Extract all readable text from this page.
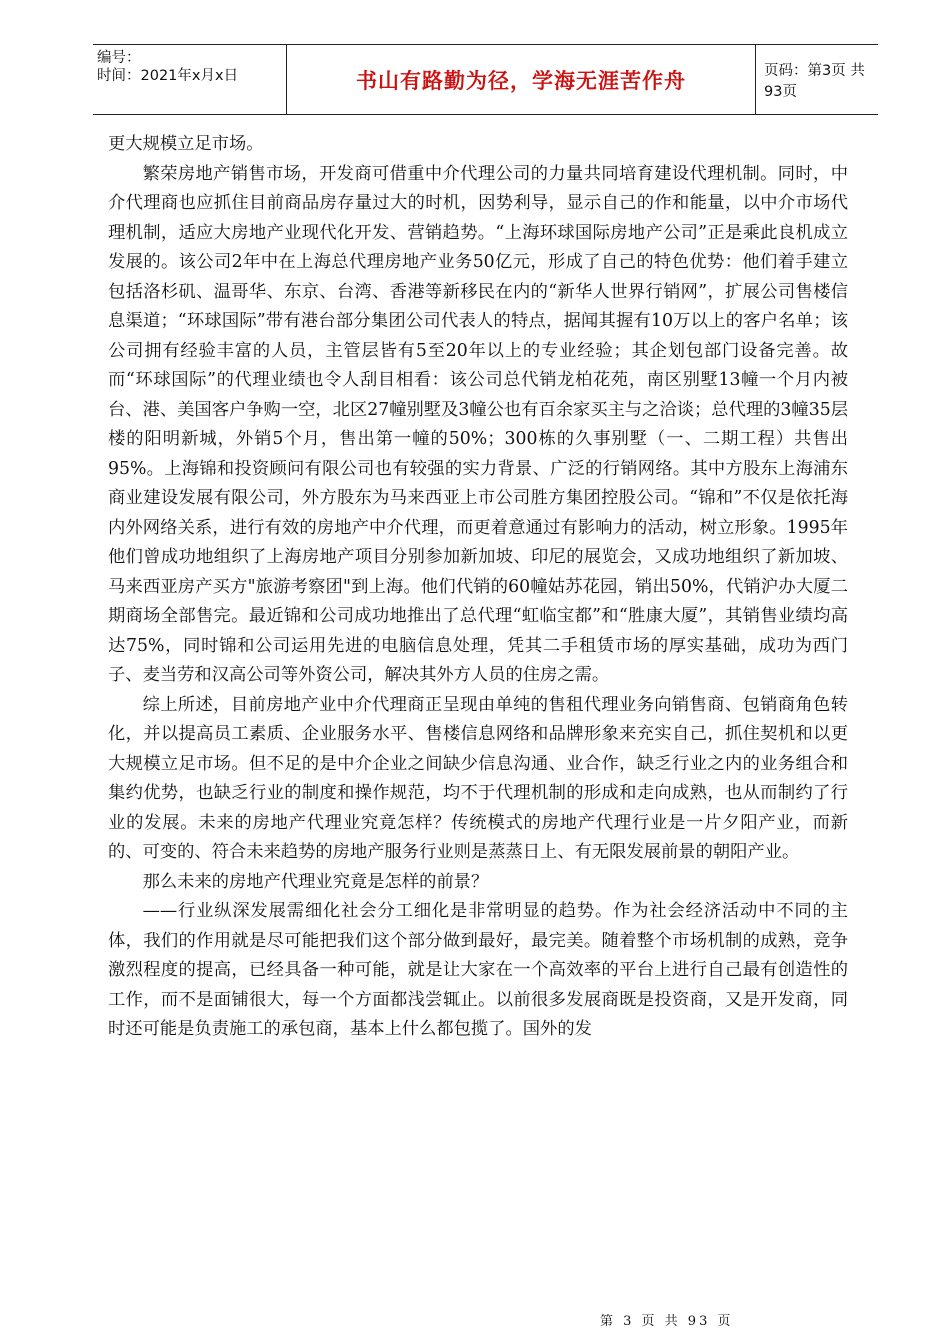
编号：
时间：2021年x月x日	书山有路勤为径，学海无涯苦作舟	页码：第3页 共93页

更大规模立足市场。

繁荣房地产销售市场，开发商可借重中介代理公司的力量共同培育建设代理机制。同时，中介代理商也应抓住目前商品房存量过大的时机，因势利导，显示自己的作和能量，以中介市场代理机制，适应大房地产业现代化开发、营销趋势。“上海环球国际房地产公司”正是乘此良机成立发展的。该公司2年中在上海总代理房地产业务50亿元，形成了自己的特色优势：他们着手建立包括洛杉矶、温哥华、东京、台湾、香港等新移民在内的“新华人世界行销网”，扩展公司售楼信息渠道；“环球国际”带有港台部分集团公司代表人的特点，据闻其握有10万以上的客户名单；该公司拥有经验丰富的人员，主管层皆有5至20年以上的专业经验；其企划包部门设备完善。故而“环球国际”的代理业绩也令人刮目相看：该公司总代销龙柏花苑，南区别墅13幢一个月内被台、港、美国客户争购一空，北区27幢别墅及3幢公也有百余家买主与之洽谈；总代理的3幢35层楼的阳明新城，外销5个月，售出第一幢的50%；300栋的久事别墅（一、二期工程）共售出95%。上海锦和投资顾问有限公司也有较强的实力背景、广泛的行销网络。其中方股东上海浦东商业建设发展有限公司，外方股东为马来西亚上市公司胜方集团控股公司。“锦和”不仅是依托海内外网络关系，进行有效的房地产中介代理，而更着意通过有影响力的活动，树立形象。1995年他们曾成功地组织了上海房地产项目分别参加新加坡、印尼的展览会，又成功地组织了新加坡、马来西亚房产买方"旅游考察团"到上海。他们代销的60幢姑苏花园，销出50%，代销沪办大厦二期商场全部售完。最近锦和公司成功地推出了总代理“虹临宝都”和“胜康大厦”，其销售业绩均高达75%，同时锦和公司运用先进的电脑信息处理，凭其二手租赁市场的厚实基础，成功为西门子、麦当劳和汉高公司等外资公司，解决其外方人员的住房之需。

综上所述，目前房地产业中介代理商正呈现由单纯的售租代理业务向销售商、包销商角色转化，并以提高员工素质、企业服务水平、售楼信息网络和品牌形象来充实自己，抓住契机和以更大规模立足市场。但不足的是中介企业之间缺少信息沟通、业合作，缺乏行业之内的业务组合和集约优势，也缺乏行业的制度和操作规范，均不于代理机制的形成和走向成熟，也从而制约了行业的发展。未来的房地产代理业究竟怎样？传统模式的房地产代理行业是一片夕阳产业，而新的、可变的、符合未来趋势的房地产服务行业则是蒸蒸日上、有无限发展前景的朝阳产业。

那么未来的房地产代理业究竟是怎样的前景？

——行业纵深发展需细化社会分工细化是非常明显的趋势。作为社会经济活动中不同的主体，我们的作用就是尽可能把我们这个部分做到最好，最完美。随着整个市场机制的成熟，竞争激烈程度的提高，已经具备一种可能，就是让大家在一个高效率的平台上进行自己最有创造性的工作，而不是面铺很大，每一个方面都浅尝辄止。以前很多发展商既是投资商，又是开发商，同时还可能是负责施工的承包商，基本上什么都包揽了。国外的发

第 3 页 共 93 页
